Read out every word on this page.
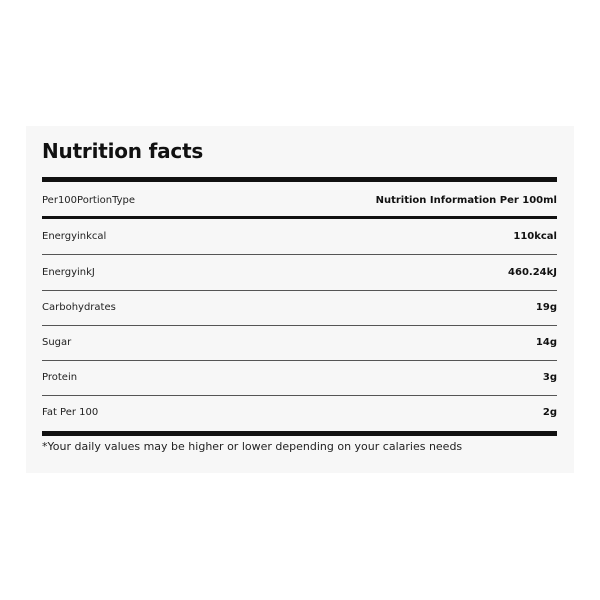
Nutrition facts
Per100PortionType	Nutrition Information Per 100ml
Energyinkcal	110kcal
EnergyinkJ	460.24kJ
Carbohydrates	19g
Sugar	14g
Protein	3g
Fat Per 100	2g
*Your daily values may be higher or lower depending on your calaries needs
